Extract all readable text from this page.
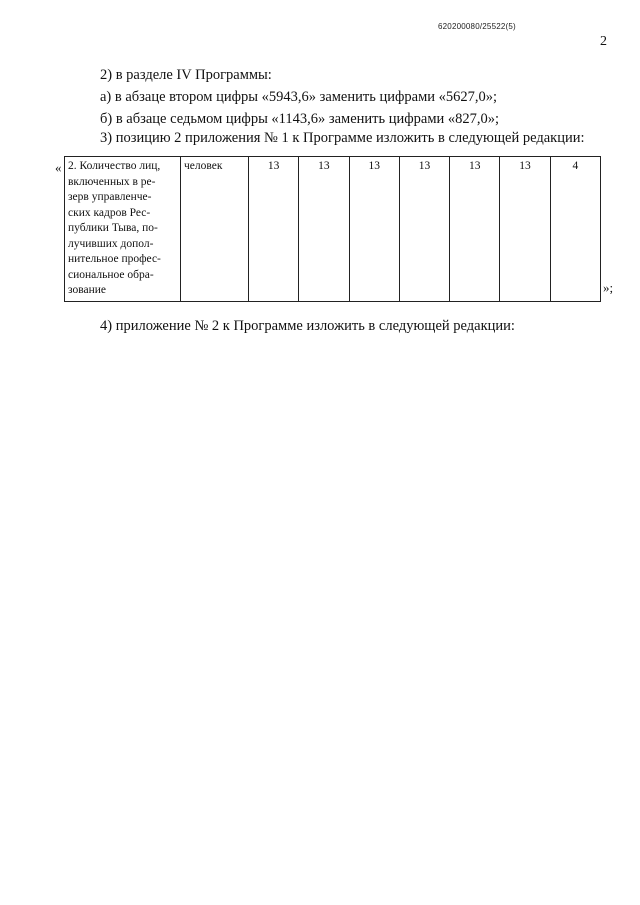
620200080/25522(5)
2
2) в разделе IV Программы:
а) в абзаце втором цифры «5943,6» заменить цифрами «5627,0»;
б) в абзаце седьмом цифры «1143,6» заменить цифрами «827,0»;
3) позицию 2 приложения № 1 к Программе изложить в следующей редакции:
« 2. Количество лиц,
включенных в ре-
зерв управленче-
ских кадров Рес-
публики Тыва, по-
лучивших допол-
нительное профес-
сиональное обра-
зование
	человек	13	13	13	13	13	13	4
»;
4) приложение № 2 к Программе изложить в следующей редакции:
